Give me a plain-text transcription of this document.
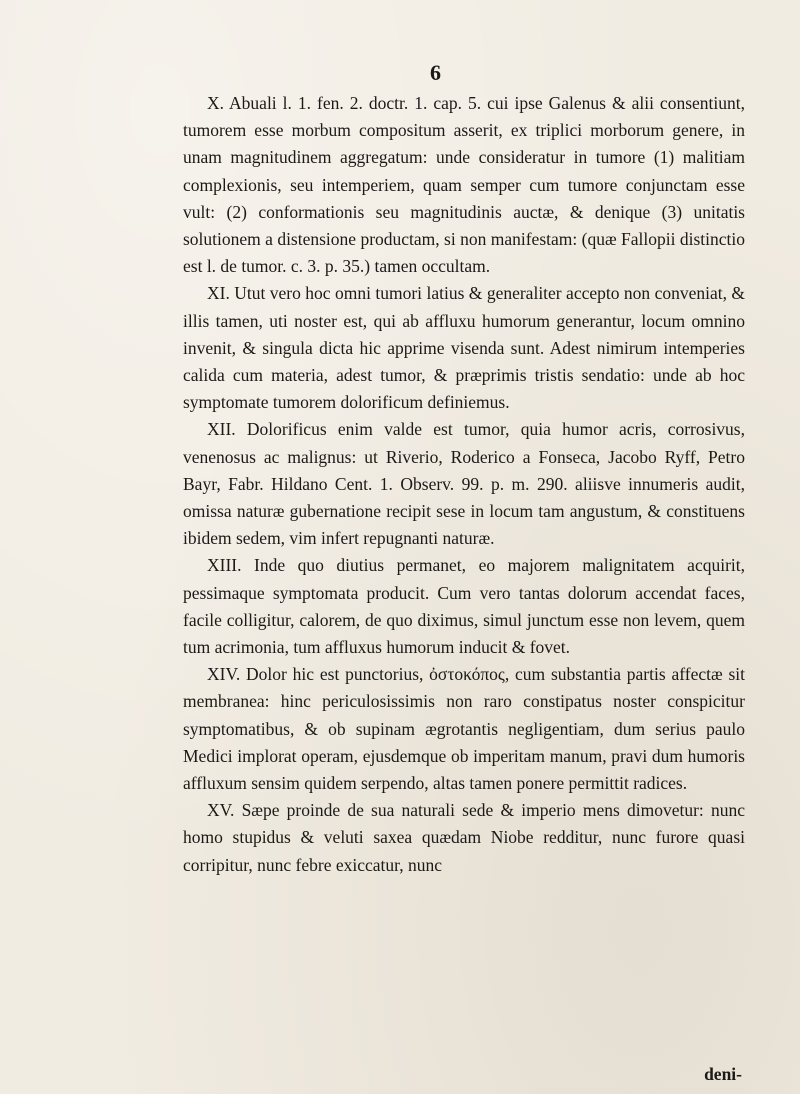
6

X. Abuali l. 1. fen. 2. doctr. 1. cap. 5. cui ipse Galenus & alii consentiunt, tumorem esse morbum compositum asserit, ex triplici morborum genere, in unam magnitudinem aggregatum: unde consideratur in tumore (1) malitiam complexionis, seu intemperiem, quam semper cum tumore conjunctam esse vult: (2) conformationis seu magnitudinis auctæ, & denique (3) unitatis solutionem a distensione productam, si non manifestam: (quæ Fallopii distinctio est l. de tumor. c. 3. p. 35.) tamen occultam.

XI. Utut vero hoc omni tumori latius & generaliter accepto non conveniat, & illis tamen, uti noster est, qui ab affluxu humorum generantur, locum omnino invenit, & singula dicta hic apprime visenda sunt. Adest nimirum intemperies calida cum materia, adest tumor, & præprimis tristis sendatio: unde ab hoc symptomate tumorem dolorificum definiemus.

XII. Dolorificus enim valde est tumor, quia humor acris, corrosivus, venenosus ac malignus: ut Riverio, Roderico a Fonseca, Jacobo Ryff, Petro Bayr, Fabr. Hildano Cent. 1. Observ. 99. p. m. 290. aliisve innumeris audit, omissa naturæ gubernatione recipit sese in locum tam angustum, & constituens ibidem sedem, vim infert repugnanti naturæ.

XIII. Inde quo diutius permanet, eo majorem malignitatem acquirit, pessimaque symptomata producit. Cum vero tantas dolorum accendat faces, facile colligitur, calorem, de quo diximus, simul junctum esse non levem, quem tum acrimonia, tum affluxus humorum inducit & fovet.

XIV. Dolor hic est punctorius, ὀστοκόπος, cum substantia partis affectæ sit membranea: hinc periculosissimis non raro constipatus noster conspicitur symptomatibus, & ob supinam ægrotantis negligentiam, dum serius paulo Medici implorat operam, ejusdemque ob imperitam manum, pravi dum humoris affluxum sensim quidem serpendo, altas tamen ponere permittit radices.

XV. Sæpe proinde de sua naturali sede & imperio mens dimovetur: nunc homo stupidus & veluti saxea quædam Niobe redditur, nunc furore quasi corripitur, nunc febre exiccatur, nunc

deni-
